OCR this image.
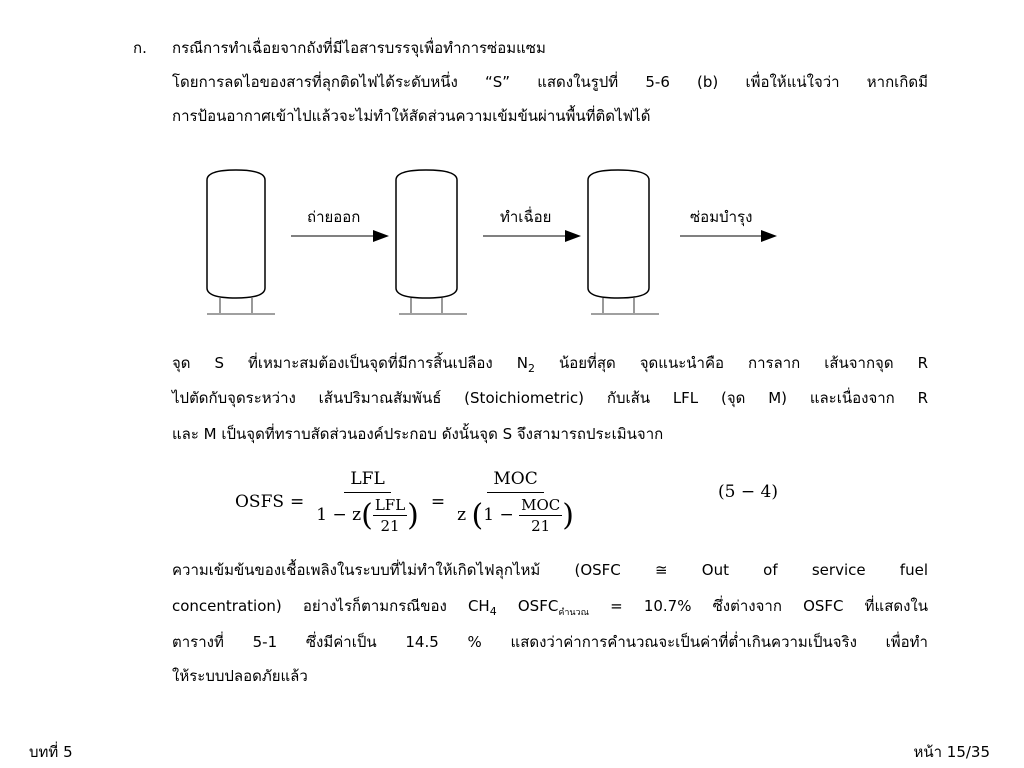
ก. กรณีการทำเฉื่อยจากถังที่มีไอสารบรรจุเพื่อทำการซ่อมแซม
โดยการลดไอของสารที่ลุกติดไฟได้ระดับหนึ่ง “S” แสดงในรูปที่ 5-6 (b) เพื่อให้แน่ใจว่า หากเกิดมี
การป้อนอากาศเข้าไปแล้วจะไม่ทำให้สัดส่วนความเข้มข้นผ่านพื้นที่ติดไฟได้
ถ่ายออก	ทำเฉื่อย	ซ่อมบำรุง
จุด S ที่เหมาะสมต้องเป็นจุดที่มีการสิ้นเปลือง $N_2$ น้อยที่สุด จุดแนะนำคือ การลาก เส้นจากจุด R
ไปตัดกับจุดระหว่าง เส้นปริมาณสัมพันธ์ (Stoichiometric) กับเส้น LFL (จุด M) และเนื่องจาก R
และ M เป็นจุดที่ทราบสัดส่วนองค์ประกอบ ดังนั้นจุด S จึงสามารถประเมินจาก
OSFS = LFL
1 − z( LFL
21 ) = MOC
z (1 − MOC
21 )	(5 − 4)
ความเข้มข้นของเชื้อเพลิงในระบบที่ไม่ทำให้เกิดไฟลุกไหม้ (OSFC ≅ Out of service fuel
concentration) อย่างไรก็ตามกรณีของ $CH_4$ $OSFC_{คำนวณ} = 10.7\%$ ซึ่งต่างจาก OSFC ที่แสดงใน
ตารางที่ 5-1 ซึ่งมีค่าเป็น 14.5 % แสดงว่าค่าการคำนวณจะเป็นค่าที่ต่ำเกินความเป็นจริง เพื่อทำ
ให้ระบบปลอดภัยแล้ว
บทที่ 5	หน้า 15/35
